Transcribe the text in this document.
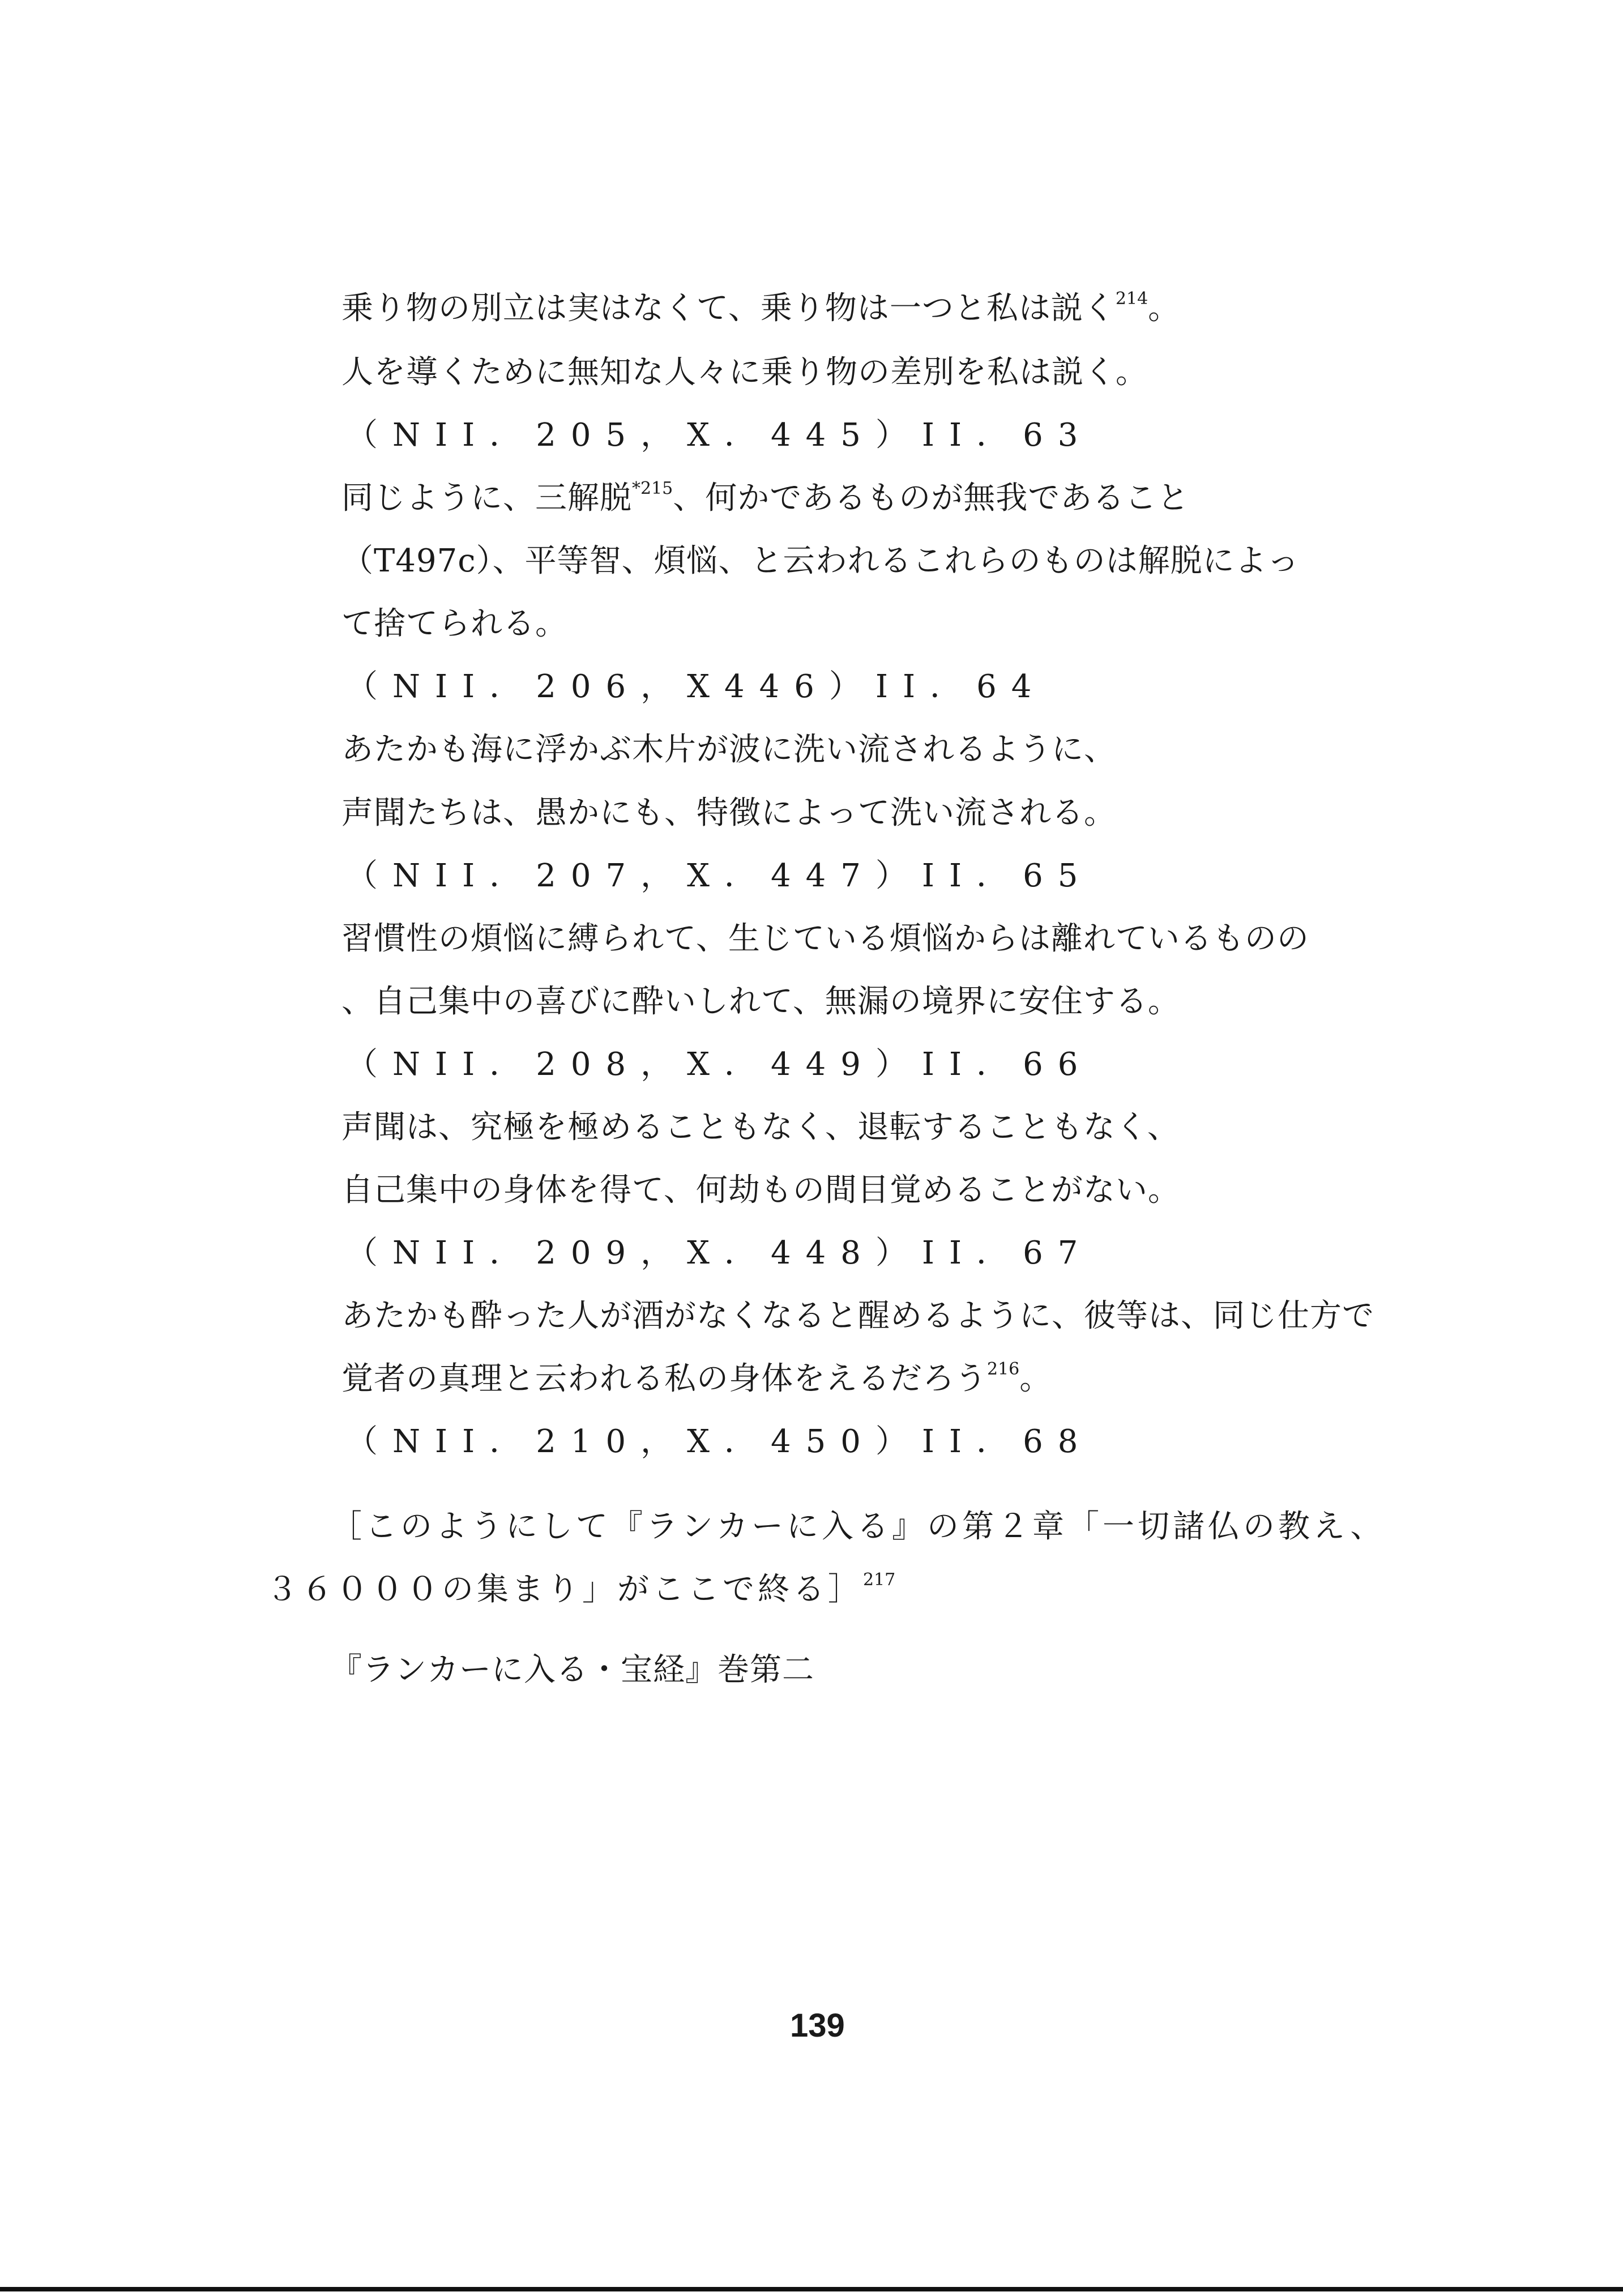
乗り物の別立は実はなくて、乗り物は一つと私は説く$^{214}$。
人を導くために無知な人々に乗り物の差別を私は説く。
（NII．205，X．445）II．63
同じように、三解脱$^{*215}$、何かであるものが無我であること
（T497c）、平等智、煩悩、と云われるこれらのものは解脱によっ
て捨てられる。
（NII．206，X446）II．64
あたかも海に浮かぶ木片が波に洗い流されるように、
声聞たちは、愚かにも、特徴によって洗い流される。
（NII．207，X．447）II．65
習慣性の煩悩に縛られて、生じている煩悩からは離れているものの
、自己集中の喜びに酔いしれて、無漏の境界に安住する。
（NII．208，X．449）II．66
声聞は、究極を極めることもなく、退転することもなく、
自己集中の身体を得て、何劫もの間目覚めることがない。
（NII．209，X．448）II．67
あたかも酔った人が酒がなくなると醒めるように、彼等は、同じ仕方で
覚者の真理と云われる私の身体をえるだろう$^{216}$。
（NII．210，X．450）II．68
［このようにして『ランカーに入る』の第２章「一切諸仏の教え、
３６０００の集まり」がここで終る］$^{217}$
『ランカーに入る・宝経』巻第二
139
